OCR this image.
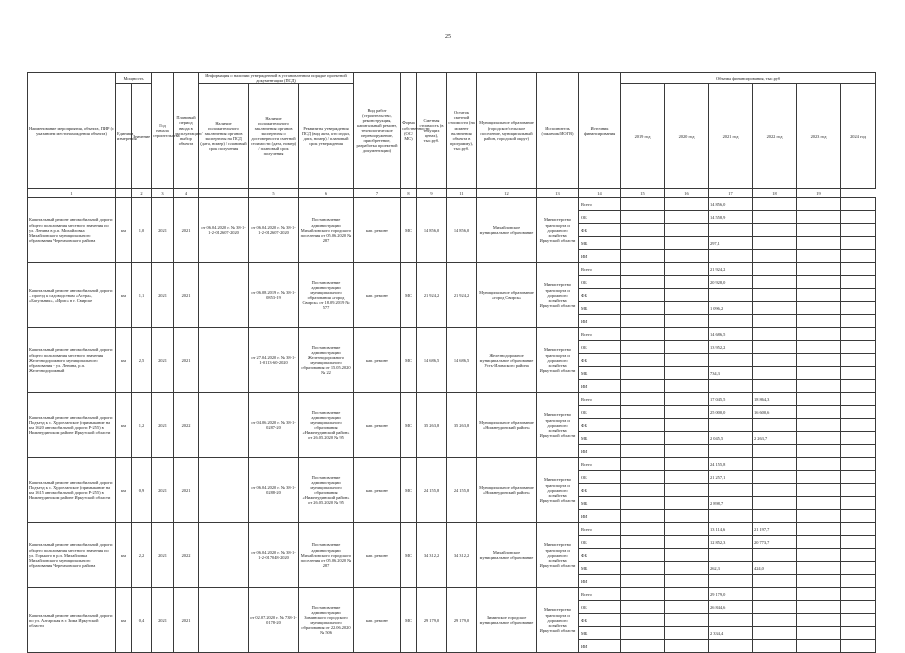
25
Наименование мероприятия, объекта, ПИР (с указанием местонахождения объекта)	Мощность		Год начала строительства	Плановый период ввода в эксплуатацию/ выбор объекта	Информация о наличии утвержденной в установленном порядке проектной документации (ПСД)			Вид работ (строительство, реконструкция, капитальный ремонт, технологическое перевооружение, приобретение, разработка проектной документации)	Форма собственности (ОС/ МС)	Сметная стоимость (в текущих ценах), тыс.руб.	Остаток сметной стоимости (на момент включения объекта в программу), тыс.руб.	Муниципальное образование (городское/сельское поселение, муниципальный район, городской округ)	Исполнитель (заказчик/ИОГВ)	Источник финансирования	Объемы финансирования, тыс.руб					
	Единица измерения	Значение			Наличие положительного заключения органов экспертизы на ПСД (дата, номер) / плановый срок получения	Наличие положительного заключения органов экспертизы о достоверности сметной стоимости (дата, номер) / плановый срок получения	Реквизиты утверждения ПСД (вид акта, кто издал, дата, номер) / плановый срок утверждения								2019 год	2020 год	2021 год	2022 год	2023 год	2024 год
1		2	3	4		5	6	7	8	9	11	12	13	14	15	16	17	18	19	
Капитальный ремонт автомобильной дороги общего пользования местного значения по ул. Ленина в р.п. Михайловка Михайловского муниципального образования Черемховского района	км	1,0	2021	2021	от 06.04.2020 г. № 38-1-1-2-012607-2020	от 06.04.2020 г. № 38-1-1-2-012607-2020	Постановление администрации Михайловского городского поселения от 05.06.2020 № 287	кап. ремонт	МС	14 856,0	14 856,0	Михайловское муниципальное образование	Министерство транспорта и дорожного хозяйства Иркутской области	Всего			14 856,0			
														ОБ			14 558,9			
														ФБ						
														МБ			297,1			
														ИИ						
Капитальный ремонт автомобильной дороги – проезд к садоводствам «Астра», «Багульник», «Ирис» в г. Свирске	км	1,1	2021	2021		от 06.08.2019 г. № 38-1-0853-19	Постановление администрации муниципального образования «город Свирск» от 18.09.2019 № 577	кап. ремонт	МС	21 924,2	21 924,2	Муниципальное образование «город Свирск»	Министерство транспорта и дорожного хозяйства Иркутской области	Всего			21 924,2			
														ОБ			20 928,0			
														ФБ						
														МБ			1 096,2			
														ИИ						
Капитальный ремонт автомобильной дороги общего пользования местного значения Железнодорожного муниципального образования - ул. Ленина, р.п. Железнодорожный	км	2,5	2021	2021		от 27.04.2020 г. № 38-1-1-0113-60-2020	Постановление администрации Железнодорожного муниципального образования от 15.05.2020 № 22	кап. ремонт	МС	14 686,5	14 686,5	Железнодорожное муниципальное образование Усть-Илимского района	Министерство транспорта и дорожного хозяйства Иркутской области	Всего			14 686,5			
														ОБ			13 952,2			
														ФБ						
														МБ			734,3			
														ИИ						
Капитальный ремонт автомобильной дороги Подъезд к с. Худоеланское (примыкание на км 1620 автомобильной дороги Р-255) в Нижнеудинском районе Иркутской области	км	1,2	2021	2022		от 04.06.2020 г. № 38-1-0287-20	Постановление администрации муниципального образования «Нижнеудинский район» от 26.05.2020 № 95	кап. ремонт	МС	35 263,8	35 263,8	Муниципальное образование «Нижнеудинский район»	Министерство транспорта и дорожного хозяйства Иркутской области	Всего			17 045,5	18 864,3		
														ОБ			25 000,0	16 600,6		
														ФБ						
														МБ			2 045,5	2 263,7		
														ИИ						
Капитальный ремонт автомобильной дороги Подъезд к с. Худоеланское (примыкание на км 1615 автомобильной дороги Р-255) в Нижнеудинском районе Иркутской области	км	0,9	2021	2021		от 06.04.2020 г. № 38-1-0288-20	Постановление администрации муниципального образования «Нижнеудинский район» от 26.05.2020 № 95	кап. ремонт	МС	24 155,8	24 155,8	Муниципальное образование «Нижнеудинский район»	Министерство транспорта и дорожного хозяйства Иркутской области	Всего			24 155,8			
														ОБ			21 257,1			
														ФБ						
														МБ			2 898,7			
														ИИ						
Капитальный ремонт автомобильной дороги общего пользования местного значения по ул. Горького в р.п. Михайловка Михайловского муниципального образования Черемховского района	км	2,2	2021	2022		от 06.04.2020 г. № 38-1-1-2-017048-2020	Постановление администрации Михайловского городского поселения от 05.06.2020 № 287	кап. ремонт	МС	34 312,2	34 312,2	Михайловское муниципальное образование	Министерство транспорта и дорожного хозяйства Иркутской области	Всего			13 114,6	21 197,7		
														ОБ			12 852,3	20 773,7		
														ФБ						
														МБ			262,3	424,0		
														ИИ						
Капитальный ремонт автомобильной дороги по ул. Алгарская в г. Зима Иркутской области	км	0,4	2021	2021		от 02.07.2020 г. № 738-1-0178-20	Постановление администрации Зиминского городского муниципального образования от 22.06.2020 № 506	кап. ремонт	МС	29 179,0	29 179,0	Зиминское городское муниципальное образование	Министерство транспорта и дорожного хозяйства Иркутской области	Всего			29 179,0			
														ОБ			26 844,6			
														ФБ						
														МБ			2 334,4			
														ИИ						
